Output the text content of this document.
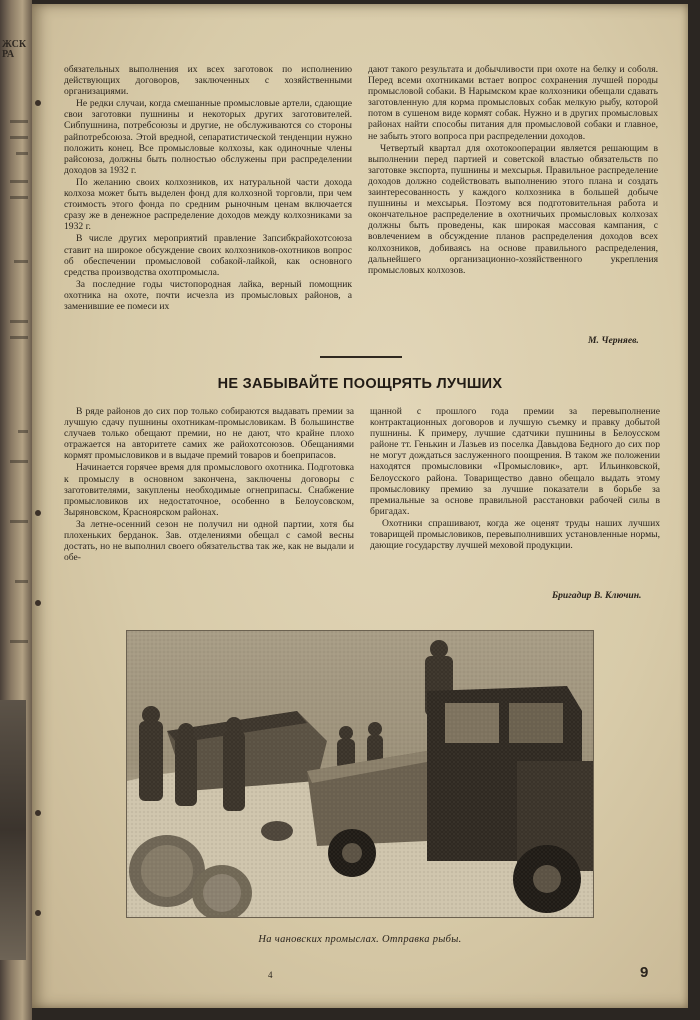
ЖСК РА

обязательных выполнения их всех заготовок по исполнению действующих договоров, заключенных с хозяйственными организациями.

Не редки случаи, когда смешанные промысловые артели, сдающие свои заготовки пушнины и некоторых других заготовителей. Сибпушнина, потребсоюзы и другие, не обслуживаются со стороны райпотребсоюза. Этой вредной, сепаратистической тенденции нужно положить конец. Все промысловые колхозы, как одиночные члены райсоюза, должны быть полностью обслужены при распределении доходов за 1932 г.

По желанию своих колхозников, их натуральной части дохода колхоза может быть выделен фонд для колхозной торговли, при чем стоимость этого фонда по средним рыночным ценам включается сразу же в денежное распределение доходов между колхозниками за 1932 г.

В числе других мероприятий правление Запсибкрайохотсоюза ставит на широкое обсуждение своих колхозников-охотников вопрос об обеспечении промысловой собакой-лайкой, как основного средства производства охотпромысла.

За последние годы чистопородная лайка, верный помощник охотника на охоте, почти исчезла из промысловых районов, а заменившие ее помеси их

дают такого результата и добычливости при охоте на белку и соболя. Перед всеми охотниками встает вопрос сохранения лучшей породы промысловой собаки. В Нарымском крае колхозники обещали сдавать заготовленную для корма промысловых собак мелкую рыбу, которой потом в сушеном виде кормят собак. Нужно и в других промысловых районах найти способы питания для промысловой собаки и главное, не забыть этого вопроса при распределении доходов.

Четвертый квартал для охотокооперации является решающим в выполнении перед партией и советской властью обязательств по заготовке экспорта, пушнины и мехсырья. Правильное распределение доходов должно содействовать выполнению этого плана и создать заинтересованность у каждого колхозника в большей добыче пушнины и мехсырья. Поэтому вся подготовительная работа и окончательное распределение в охотничьих промысловых колхозах должны быть проведены, как широкая массовая кампания, с вовлечением в обсуждение планов распределения доходов всех колхозников, добиваясь на основе правильного распределения, дальнейшего организационно-хозяйственного укрепления промысловых колхозов.

М. Черняев.
НЕ ЗАБЫВАЙТЕ ПООЩРЯТЬ ЛУЧШИХ

В ряде районов до сих пор только собираются выдавать премии за лучшую сдачу пушнины охотникам-промысловикам. В большинстве случаев только обещают премии, но не дают, что крайне плохо отражается на авторитете самих же райохотсоюзов. Обещаниями кормят промысловиков и в выдаче премий товаров и боеприпасов.

Начинается горячее время для промыслового охотника. Подготовка к промыслу в основном закончена, заключены договоры с заготовителями, закуплены необходимые огнеприпасы. Снабжение промысловиков их недостаточное, особенно в Белоусовском, Зыряновском, Красноярском районах.

За летне-осенний сезон не получил ни одной партии, хотя бы плохеньких берданок. Зав. отделениями обещал с самой весны достать, но не выполнил своего обязательства так же, как не выдали и обе-

щанной с прошлого года премии за перевыполнение контрактационных договоров и лучшую съемку и правку добытой пушнины. К примеру, лучшие сдатчики пушнины в Белоусском районе тт. Генькин и Лазьев из поселка Давыдова Бедного до сих пор не могут дождаться заслуженного поощрения. В таком же положении находятся промысловики «Промысловик», арт. Ильинковской, Белоусского района. Товарищество давно обещало выдать этому промысловику премию за лучшие показатели в борьбе за премиальные за основе правильной расстановки рабочей силы в бригадах.

Охотники спрашивают, когда же оценят труды наших лучших товарищей промысловиков, перевыполнивших установленные нормы, дающие государству лучшей меховой продукции.

Бригадир В. Ключин.
На чановских промыслах. Отправка рыбы.
4	9
